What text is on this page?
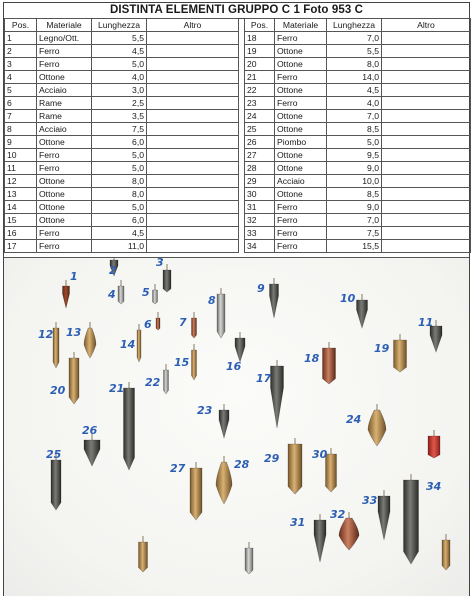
DISTINTA ELEMENTI GRUPPO C 1 Foto 953 C
Pos.	Materiale	Lunghezza	Altro
1	Legno/Ott.	5,5	
2	Ferro	4,5	
3	Ferro	5,0	
4	Ottone	4,0	
5	Acciaio	3,0	
6	Rame	2,5	
7	Rame	3,5	
8	Acciaio	7,5	
9	Ottone	6,0	
10	Ferro	5,0	
11	Ferro	5,0	
12	Ottone	8,0	
13	Ottone	8,0	
14	Ottone	5,0	
15	Ottone	6,0	
16	Ferro	4,5	
17	Ferro	11,0	
Pos.	Materiale	Lunghezza	Altro
18	Ferro	7,0	
19	Ottone	5,5	
20	Ottone	8,0	
21	Ferro	14,0	
22	Ottone	4,5	
23	Ferro	4,0	
24	Ottone	7,0	
25	Ottone	8,5	
26	Piombo	5,0	
27	Ottone	9,5	
28	Ottone	9,0	
29	Acciaio	10,0	
30	Ottone	8,5	
31	Ferro	9,0	
32	Ferro	7,0	
33	Ferro	7,5	
34	Ferro	15,5	
1	2
3
4 5
6 7
8
9
10
11
12 13
14
15	16
17
18
19
20	21 22
23
24
25
26
27	28 29	30
31
32
33
34
